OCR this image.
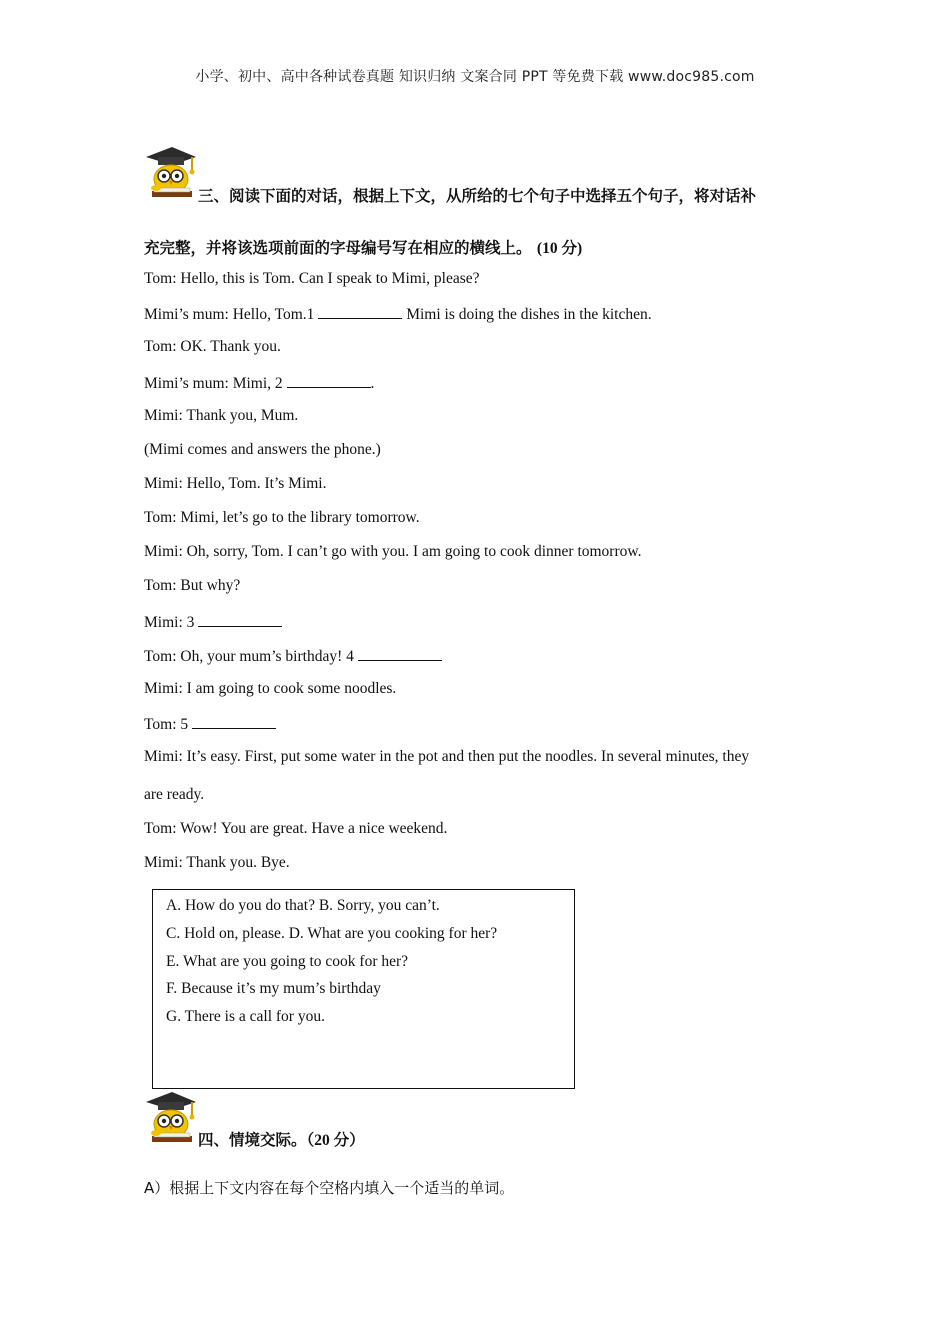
小学、初中、高中各种试卷真题 知识归纳 文案合同 PPT 等免费下载 www.doc985.com
三、阅读下面的对话，根据上下文，从所给的七个句子中选择五个句子，将对话补
充完整，并将该选项前面的字母编号写在相应的横线上。 (10 分)
Tom: Hello, this is Tom. Can I speak to Mimi, please?
Mimi’s mum: Hello, Tom.1	Mimi is doing the dishes in the kitchen.
Tom: OK. Thank you.
Mimi’s mum: Mimi, 2	.
Mimi: Thank you, Mum.
(Mimi comes and answers the phone.)
Mimi: Hello, Tom. It’s Mimi.
Tom: Mimi, let’s go to the library tomorrow.
Mimi: Oh, sorry, Tom. I can’t go with you. I am going to cook dinner tomorrow.
Tom: But why?
Mimi: 3
Tom: Oh, your mum’s birthday! 4
Mimi: I am going to cook some noodles.
Tom: 5
Mimi: It’s easy. First, put some water in the pot and then put the noodles. In several minutes, they
are ready.
Tom: Wow! You are great. Have a nice weekend.
Mimi: Thank you. Bye.
A. How do you do that? B. Sorry, you can’t.
C. Hold on, please. D. What are you cooking for her?
E. What are you going to cook for her?
F. Because it’s my mum’s birthday
G. There is a call for you.
四、情境交际。（20 分）
A）根据上下文内容在每个空格内填入一个适当的单词。
